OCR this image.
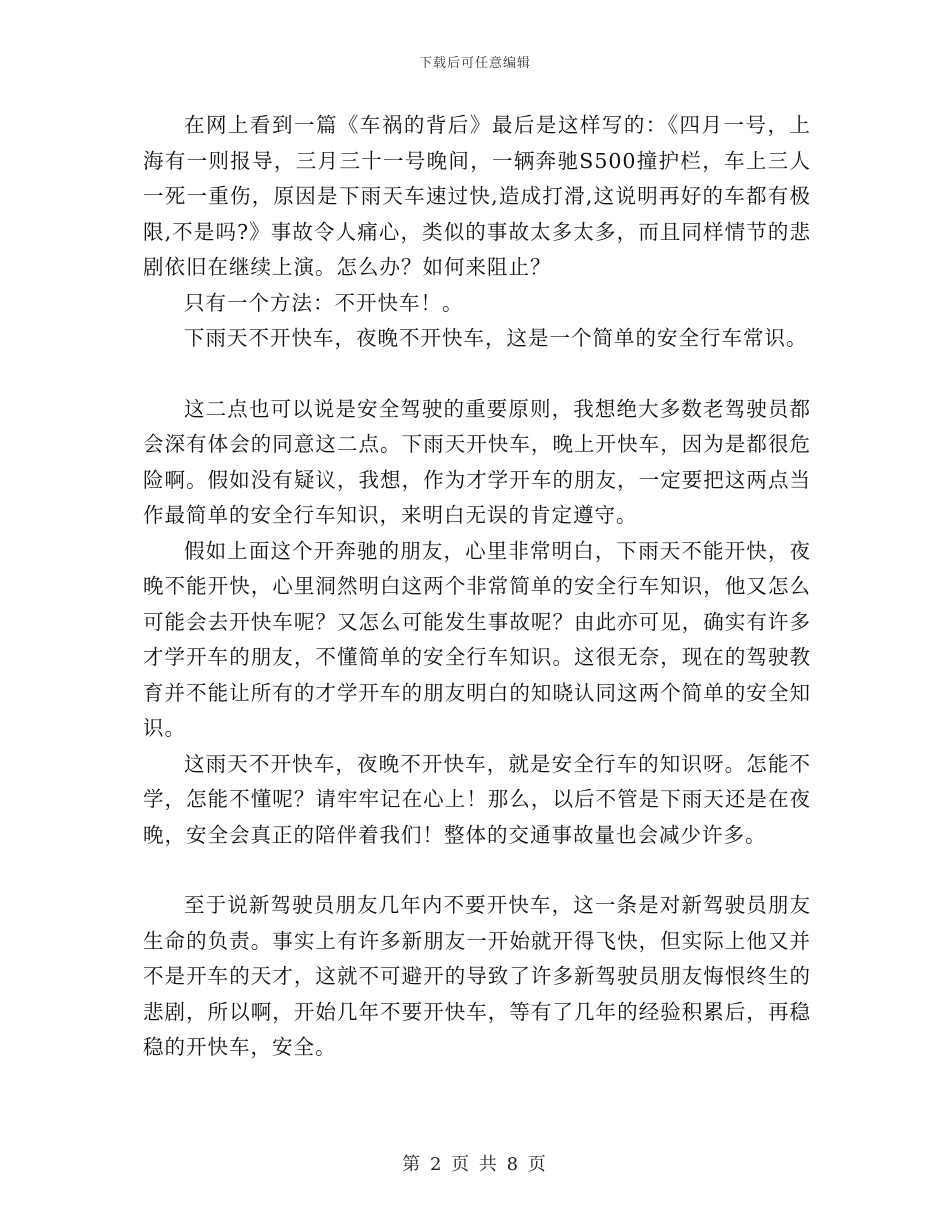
下载后可任意编辑

在网上看到一篇《车祸的背后》最后是这样写的：《四月一号，上海有一则报导，三月三十一号晚间，一辆奔驰S500撞护栏，车上三人一死一重伤，原因是下雨天车速过快,造成打滑,这说明再好的车都有极限,不是吗?》事故令人痛心，类似的事故太多太多，而且同样情节的悲剧依旧在继续上演。怎么办？如何来阻止？

只有一个方法：不开快车！。

下雨天不开快车，夜晚不开快车，这是一个简单的安全行车常识。

这二点也可以说是安全驾驶的重要原则，我想绝大多数老驾驶员都会深有体会的同意这二点。下雨天开快车，晚上开快车，因为是都很危险啊。假如没有疑议，我想，作为才学开车的朋友，一定要把这两点当作最简单的安全行车知识，来明白无误的肯定遵守。

假如上面这个开奔驰的朋友，心里非常明白，下雨天不能开快，夜晚不能开快，心里洞然明白这两个非常简单的安全行车知识，他又怎么可能会去开快车呢？又怎么可能发生事故呢？由此亦可见，确实有许多才学开车的朋友，不懂简单的安全行车知识。这很无奈，现在的驾驶教育并不能让所有的才学开车的朋友明白的知晓认同这两个简单的安全知识。

这雨天不开快车，夜晚不开快车，就是安全行车的知识呀。怎能不学，怎能不懂呢？请牢牢记在心上！那么，以后不管是下雨天还是在夜晚，安全会真正的陪伴着我们！整体的交通事故量也会减少许多。

至于说新驾驶员朋友几年内不要开快车，这一条是对新驾驶员朋友生命的负责。事实上有许多新朋友一开始就开得飞快，但实际上他又并不是开车的天才，这就不可避开的导致了许多新驾驶员朋友悔恨终生的悲剧，所以啊，开始几年不要开快车，等有了几年的经验积累后，再稳稳的开快车，安全。

第 2 页 共 8 页
